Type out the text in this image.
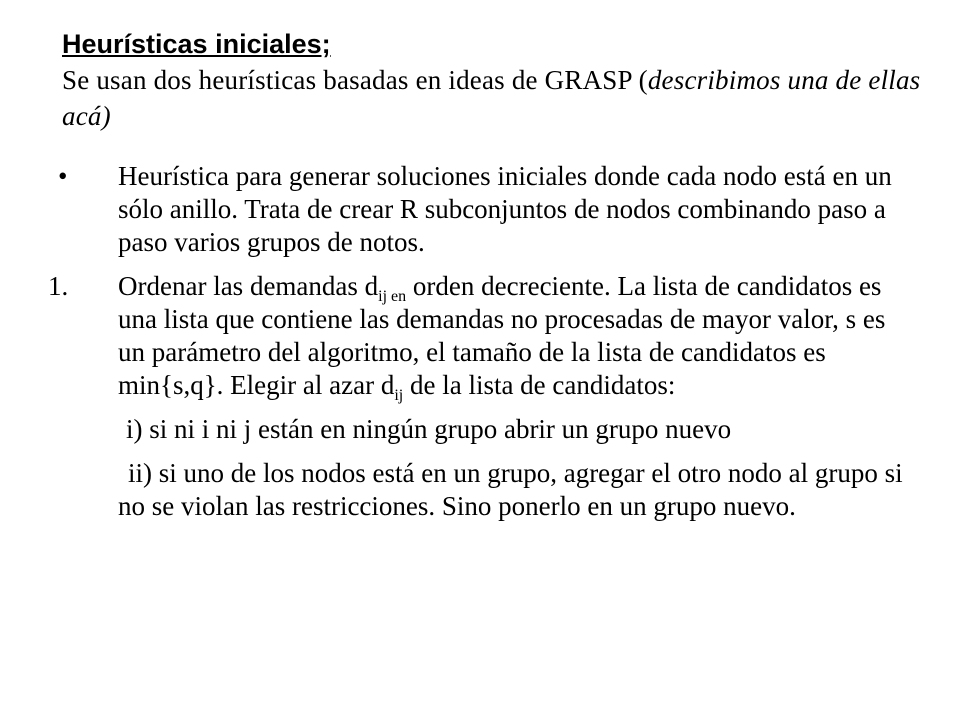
Heurísticas iniciales;

Se usan dos heurísticas basadas en ideas de GRASP (describimos una de ellas acá)

•	Heurística para generar soluciones iniciales donde cada nodo está en un sólo anillo. Trata de crear R subconjuntos de nodos combinando paso a paso varios grupos de notos.
1.	Ordenar las demandas $d_{ij en}$ orden decreciente. La lista de candidatos es una lista que contiene las demandas no procesadas de mayor valor, s es un parámetro del algoritmo, el tamaño de la lista de candidatos es min{s,q}. Elegir al azar $d_{ij}$ de la lista de candidatos:
i) si ni i ni j están en ningún grupo abrir un grupo nuevo
ii) si uno de los nodos está en un grupo, agregar el otro nodo al grupo si no se violan las restricciones. Sino ponerlo en un grupo nuevo.
